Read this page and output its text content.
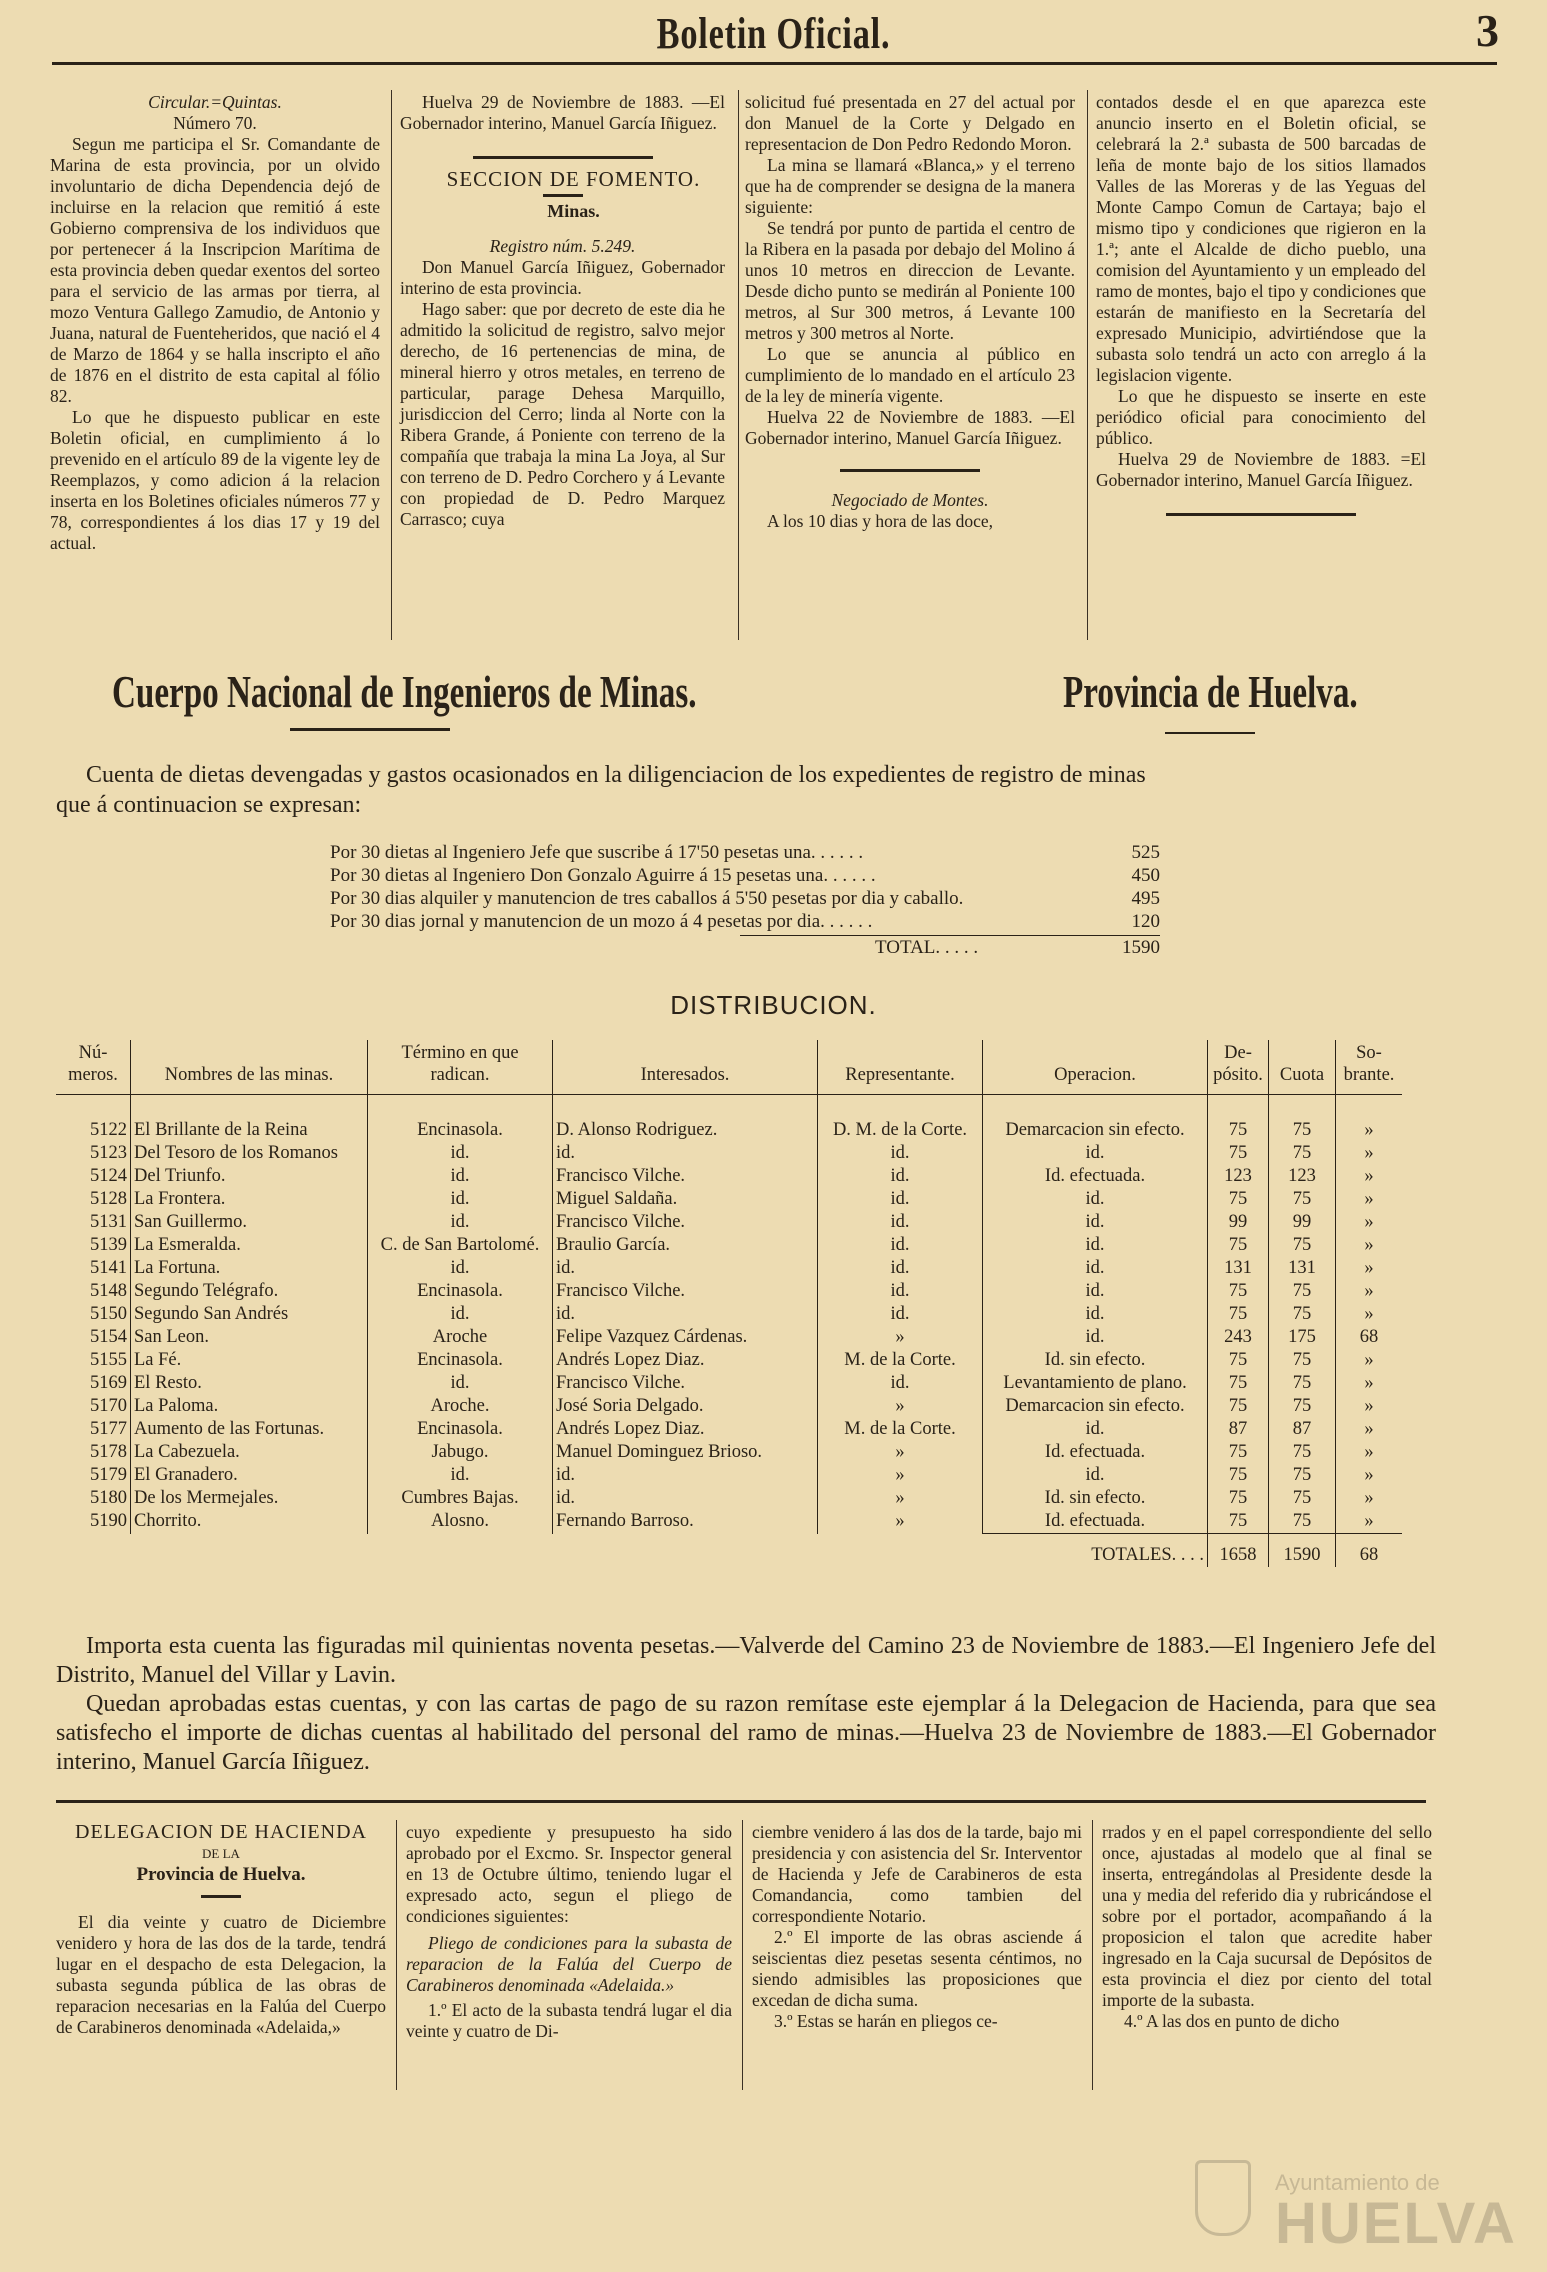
Boletin Oficial.	3

Circular.=Quintas.

Número 70.

Segun me participa el Sr. Comandante de Marina de esta provincia, por un olvido involuntario de dicha Dependencia dejó de incluirse en la relacion que remitió á este Gobierno comprensiva de los individuos que por pertenecer á la Inscripcion Marítima de esta provincia deben quedar exentos del sorteo para el servicio de las armas por tierra, al mozo Ventura Gallego Zamudio, de Antonio y Juana, natural de Fuenteheridos, que nació el 4 de Marzo de 1864 y se halla inscripto el año de 1876 en el distrito de esta capital al fólio 82.

Lo que he dispuesto publicar en este Boletin oficial, en cumplimiento á lo prevenido en el artículo 89 de la vigente ley de Reemplazos, y como adicion á la relacion inserta en los Boletines oficiales números 77 y 78, correspondientes á los dias 17 y 19 del actual.

Huelva 29 de Noviembre de 1883. —El Gobernador interino, Manuel García Iñiguez.

SECCION DE FOMENTO.

Minas.

Registro núm. 5.249.

Don Manuel García Iñiguez, Gobernador interino de esta provincia.

Hago saber: que por decreto de este dia he admitido la solicitud de registro, salvo mejor derecho, de 16 pertenencias de mina, de mineral hierro y otros metales, en terreno de particular, parage Dehesa Marquillo, jurisdiccion del Cerro; linda al Norte con la Ribera Grande, á Poniente con terreno de la compañía que trabaja la mina La Joya, al Sur con terreno de D. Pedro Corchero y á Levante con propiedad de D. Pedro Marquez Carrasco; cuya

solicitud fué presentada en 27 del actual por don Manuel de la Corte y Delgado en representacion de Don Pedro Redondo Moron.

La mina se llamará «Blanca,» y el terreno que ha de comprender se designa de la manera siguiente:

Se tendrá por punto de partida el centro de la Ribera en la pasada por debajo del Molino á unos 10 metros en direccion de Levante. Desde dicho punto se medirán al Poniente 100 metros, al Sur 300 metros, á Levante 100 metros y 300 metros al Norte.

Lo que se anuncia al público en cumplimiento de lo mandado en el artículo 23 de la ley de minería vigente.

Huelva 22 de Noviembre de 1883. —El Gobernador interino, Manuel García Iñiguez.

Negociado de Montes.

A los 10 dias y hora de las doce,

contados desde el en que aparezca este anuncio inserto en el Boletin oficial, se celebrará la 2.ª subasta de 500 barcadas de leña de monte bajo de los sitios llamados Valles de las Moreras y de las Yeguas del Monte Campo Comun de Cartaya; bajo el mismo tipo y condiciones que rigieron en la 1.ª; ante el Alcalde de dicho pueblo, una comision del Ayuntamiento y un empleado del ramo de montes, bajo el tipo y condiciones que estarán de manifiesto en la Secretaría del expresado Municipio, advirtiéndose que la subasta solo tendrá un acto con arreglo á la legislacion vigente.

Lo que he dispuesto se inserte en este periódico oficial para conocimiento del público.

Huelva 29 de Noviembre de 1883. =El Gobernador interino, Manuel García Iñiguez.

Cuerpo Nacional de Ingenieros de Minas.	Provincia de Huelva.
Cuenta de dietas devengadas y gastos ocasionados en la diligenciacion de los expedientes de registro de minas
que á continuacion se expresan:
Por 30 dietas al Ingeniero Jefe que suscribe á 17'50 pesetas una. . . . . .	525
Por 30 dietas al Ingeniero Don Gonzalo Aguirre á 15 pesetas una. . . . . .	450
Por 30 dias alquiler y manutencion de tres caballos á 5'50 pesetas por dia y caballo.	495
Por 30 dias jornal y manutencion de un mozo á 4 pesetas por dia. . . . . .	120
TOTAL. . . . .	1590
DISTRIBUCION.
Nú- meros.	Nombres de las minas.	Término en que radican.	Interesados.	Representante.	Operacion.	De- pósito.	Cuota	So- brante.
5122	El Brillante de la Reina	Encinasola.	D. Alonso Rodriguez.	D. M. de la Corte.	Demarcacion sin efecto.	75	75	»
5123	Del Tesoro de los Romanos	id.	id.	id.	id.	75	75	»
5124	Del Triunfo.	id.	Francisco Vilche.	id.	Id. efectuada.	123	123	»
5128	La Frontera.	id.	Miguel Saldaña.	id.	id.	75	75	»
5131	San Guillermo.	id.	Francisco Vilche.	id.	id.	99	99	»
5139	La Esmeralda.	C. de San Bartolomé.	Braulio García.	id.	id.	75	75	»
5141	La Fortuna.	id.	id.	id.	id.	131	131	»
5148	Segundo Telégrafo.	Encinasola.	Francisco Vilche.	id.	id.	75	75	»
5150	Segundo San Andrés	id.	id.	id.	id.	75	75	»
5154	San Leon.	Aroche	Felipe Vazquez Cárdenas.	»	id.	243	175	68
5155	La Fé.	Encinasola.	Andrés Lopez Diaz.	M. de la Corte.	Id. sin efecto.	75	75	»
5169	El Resto.	id.	Francisco Vilche.	id.	Levantamiento de plano.	75	75	»
5170	La Paloma.	Aroche.	José Soria Delgado.	»	Demarcacion sin efecto.	75	75	»
5177	Aumento de las Fortunas.	Encinasola.	Andrés Lopez Diaz.	M. de la Corte.	id.	87	87	»
5178	La Cabezuela.	Jabugo.	Manuel Dominguez Brioso.	»	Id. efectuada.	75	75	»
5179	El Granadero.	id.	id.	»	id.	75	75	»
5180	De los Mermejales.	Cumbres Bajas.	id.	»	Id. sin efecto.	75	75	»
5190	Chorrito.	Alosno.	Fernando Barroso.	»	Id. efectuada.	75	75	»
					TOTALES. . . .	1658	1590	68

Importa esta cuenta las figuradas mil quinientas noventa pesetas.—Valverde del Camino 23 de Noviembre de 1883.—El Ingeniero Jefe del Distrito, Manuel del Villar y Lavin.

Quedan aprobadas estas cuentas, y con las cartas de pago de su razon remítase este ejemplar á la Delegacion de Hacienda, para que sea satisfecho el importe de dichas cuentas al habilitado del personal del ramo de minas.—Huelva 23 de Noviembre de 1883.—El Gobernador interino, Manuel García Iñiguez.

DELEGACION DE HACIENDA

DE LA

Provincia de Huelva.

El dia veinte y cuatro de Diciembre venidero y hora de las dos de la tarde, tendrá lugar en el despacho de esta Delegacion, la subasta segunda pública de las obras de reparacion necesarias en la Falúa del Cuerpo de Carabineros denominada «Adelaida,»

cuyo expediente y presupuesto ha sido aprobado por el Excmo. Sr. Inspector general en 13 de Octubre último, teniendo lugar el expresado acto, segun el pliego de condiciones siguientes:

Pliego de condiciones para la subasta de reparacion de la Falúa del Cuerpo de Carabineros denominada «Adelaida.»

1.º El acto de la subasta tendrá lugar el dia veinte y cuatro de Di-

ciembre venidero á las dos de la tarde, bajo mi presidencia y con asistencia del Sr. Interventor de Hacienda y Jefe de Carabineros de esta Comandancia, como tambien del correspondiente Notario.

2.º El importe de las obras asciende á seiscientas diez pesetas sesenta céntimos, no siendo admisibles las proposiciones que excedan de dicha suma.

3.º Estas se harán en pliegos ce-

rrados y en el papel correspondiente del sello once, ajustadas al modelo que al final se inserta, entregándolas al Presidente desde la una y media del referido dia y rubricándose el sobre por el portador, acompañando á la proposicion el talon que acredite haber ingresado en la Caja sucursal de Depósitos de esta provincia el diez por ciento del total importe de la subasta.

4.º A las dos en punto de dicho

Ayuntamiento de
HUELVA
